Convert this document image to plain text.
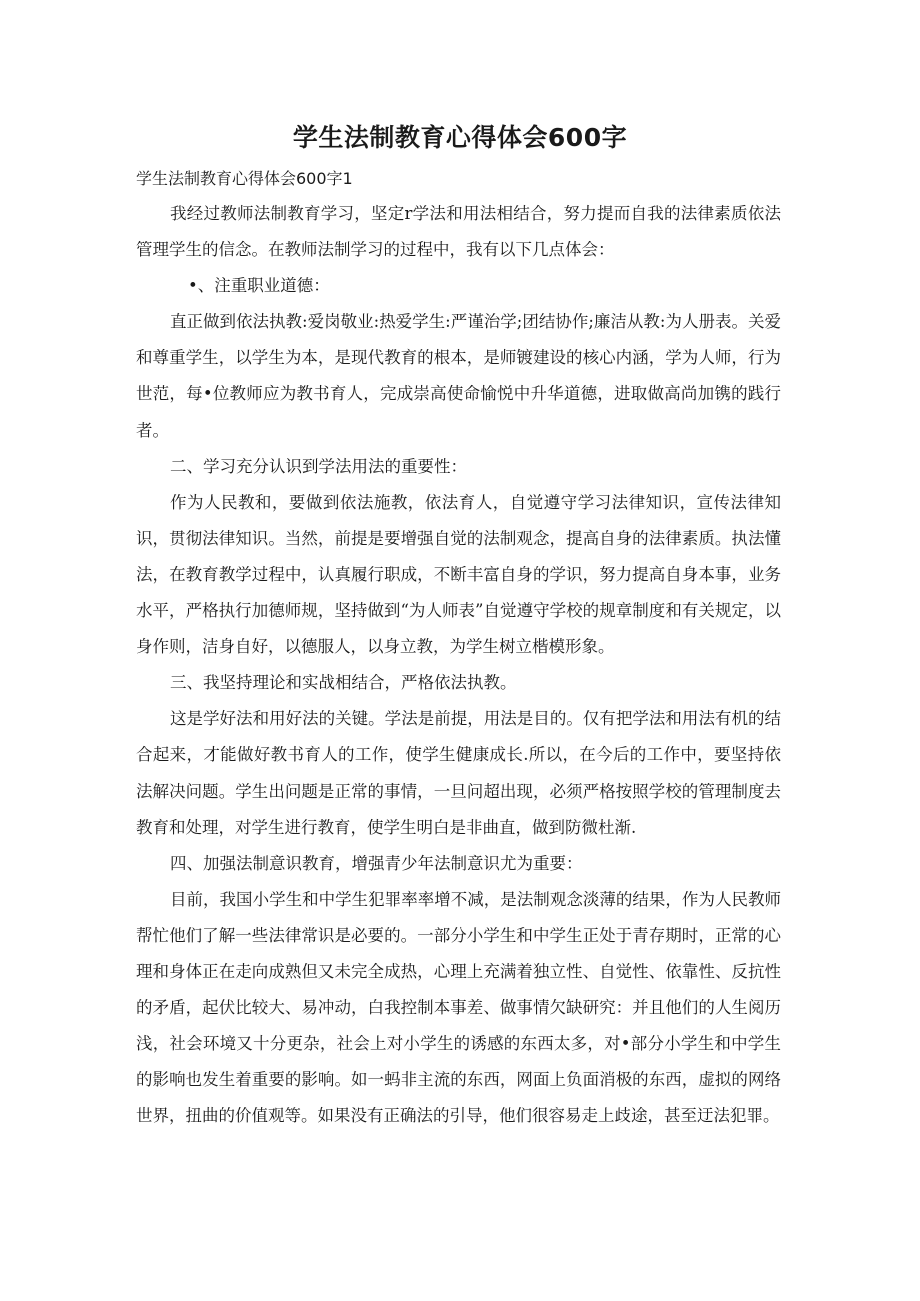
学生法制教育心得体会600字
学生法制教育心得体会600字1

我经过教师法制教育学习，坚定r学法和用法相结合，努力提而自我的法律素质依法管理学生的信念。在教师法制学习的过程中，我有以下几点体会：

•、注重职业道德：

直正做到依法执教:爱岗敬业:热爱学生:严谨治学;团结协作;廉洁从教:为人册表。关爱和尊重学生，以学生为本，是现代教育的根本，是师镀建设的核心内涵，学为人师，行为世范，每•位教师应为教书育人，完成崇高使命愉悦中升华道德，进取做高尚加镌的践行者。

二、学习充分认识到学法用法的重要性：

作为人民教和，要做到依法施教，依法育人，自觉遵守学习法律知识，宣传法律知识，贯彻法律知识。当然，前提是要增强自觉的法制观念，提高自身的法律素质。执法懂法，在教育教学过程中，认真履行职成，不断丰富自身的学识，努力提高自身本事，业务水平，严格执行加德师规，坚持做到“为人师表”自觉遵守学校的规章制度和有关规定，以身作则，洁身自好，以德服人，以身立教，为学生树立楷模形象。

三、我坚持理论和实战相结合，严格依法执教。

这是学好法和用好法的关键。学法是前提，用法是目的。仅有把学法和用法有机的结合起来，才能做好教书育人的工作，使学生健康成长.所以，在今后的工作中，要坚持依法解决问题。学生出问题是正常的事情，一旦问超出现，必须严格按照学校的管理制度去教育和处理，对学生进行教育，使学生明白是非曲直，做到防微杜渐.

四、加强法制意识教育，增强青少年法制意识尤为重要：

目前，我国小学生和中学生犯罪率率增不减，是法制观念淡薄的结果，作为人民教师帮忙他们了解一些法律常识是必要的。一部分小学生和中学生正处于青存期时，正常的心理和身体正在走向成熟但又未完全成热，心理上充满着独立性、自觉性、依靠性、反抗性的矛盾，起伏比较大、易冲动，白我控制本事差、做事情欠缺研究：并且他们的人生阅历浅，社会环境又十分更杂，社会上对小学生的诱感的东西太多，对•部分小学生和中学生的影响也发生着重要的影响。如一蚂非主流的东西，网面上负面消极的东西，虚拟的网络世界，扭曲的价值观等。如果没有正确法的引导，他们很容易走上歧途，甚至迂法犯罪。
